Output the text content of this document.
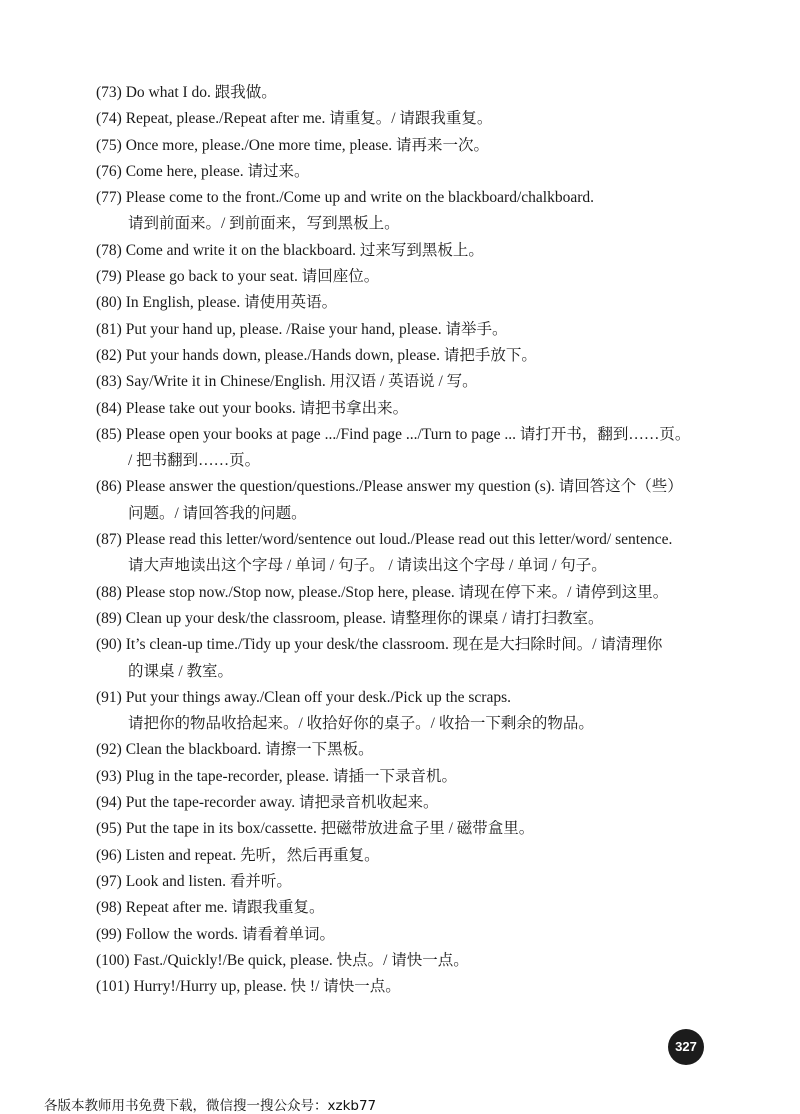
(73) Do what I do. 跟我做。
(74) Repeat, please./Repeat after me. 请重复。/ 请跟我重复。
(75) Once more, please./One more time, please. 请再来一次。
(76) Come here, please. 请过来。
(77) Please come to the front./Come up and write on the blackboard/chalkboard.
请到前面来。/ 到前面来，写到黑板上。
(78) Come and write it on the blackboard. 过来写到黑板上。
(79) Please go back to your seat. 请回座位。
(80) In English, please. 请使用英语。
(81) Put your hand up, please. /Raise your hand, please. 请举手。
(82) Put your hands down, please./Hands down, please. 请把手放下。
(83) Say/Write it in Chinese/English. 用汉语 / 英语说 / 写。
(84) Please take out your books. 请把书拿出来。
(85) Please open your books at page .../Find page .../Turn to page ... 请打开书，翻到……页。
/ 把书翻到……页。
(86) Please answer the question/questions./Please answer my question (s). 请回答这个（些）
问题。/ 请回答我的问题。
(87) Please read this letter/word/sentence out loud./Please read out this letter/word/ sentence.
请大声地读出这个字母 / 单词 / 句子。 / 请读出这个字母 / 单词 / 句子。
(88) Please stop now./Stop now, please./Stop here, please. 请现在停下来。/ 请停到这里。
(89) Clean up your desk/the classroom, please. 请整理你的课桌 / 请打扫教室。
(90) It’s clean-up time./Tidy up your desk/the classroom. 现在是大扫除时间。/ 请清理你
的课桌 / 教室。
(91) Put your things away./Clean off your desk./Pick up the scraps.
请把你的物品收拾起来。/ 收拾好你的桌子。/ 收拾一下剩余的物品。
(92) Clean the blackboard. 请擦一下黑板。
(93) Plug in the tape-recorder, please. 请插一下录音机。
(94) Put the tape-recorder away. 请把录音机收起来。
(95) Put the tape in its box/cassette. 把磁带放进盒子里 / 磁带盒里。
(96) Listen and repeat. 先听，然后再重复。
(97) Look and listen. 看并听。
(98) Repeat after me. 请跟我重复。
(99) Follow the words. 请看着单词。
(100) Fast./Quickly!/Be quick, please. 快点。/ 请快一点。
(101) Hurry!/Hurry up, please. 快 !/ 请快一点。
327
各版本教师用书免费下载，微信搜一搜公众号：xzkb77
